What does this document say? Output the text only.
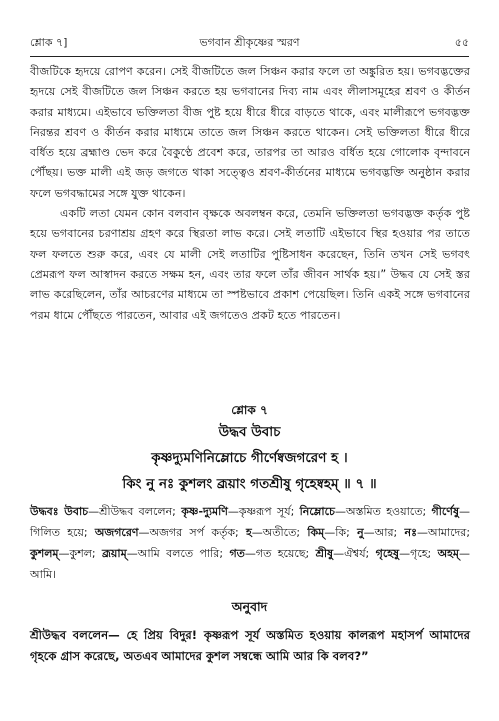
শ্লোক ৭]	ভগবান শ্রীকৃষ্ণের স্মরণ	৫৫

বীজটিকে হৃদয়ে রোপণ করেন। সেই বীজটিতে জল সিঞ্চন করার ফলে তা অঙ্কুরিত হয়। ভগবদ্ভক্তের হৃদয়ে সেই বীজটিতে জল সিঞ্চন করতে হয় ভগবানের দিব্য নাম এবং লীলাসমূহের শ্রবণ ও কীর্তন করার মাধ্যমে। এইভাবে ভক্তিলতা বীজ পুষ্ট হয়ে ধীরে ধীরে বাড়তে থাকে, এবং মালীরূপে ভগবদ্ভক্ত নিরন্তর শ্রবণ ও কীর্তন করার মাধ্যমে তাতে জল সিঞ্চন করতে থাকেন। সেই ভক্তিলতা ধীরে ধীরে বর্ধিত হয়ে ব্রহ্মাণ্ড ভেদ করে বৈকুণ্ঠে প্রবেশ করে, তারপর তা আরও বর্ধিত হয়ে গোলোক বৃন্দাবনে পৌঁছয়। ভক্ত মালী এই জড় জগতে থাকা সত্ত্বেও শ্রবণ-কীর্তনের মাধ্যমে ভগবদ্ভক্তি অনুষ্ঠান করার ফলে ভগবদ্ধামের সঙ্গে যুক্ত থাকেন।

একটি লতা যেমন কোন বলবান বৃক্ষকে অবলম্বন করে, তেমনি ভক্তিলতা ভগবদ্ভক্ত কর্তৃক পুষ্ট হয়ে ভগবানের চরণাশ্রয় গ্রহণ করে স্থিরতা লাভ করে। সেই লতাটি এইভাবে স্থির হওয়ার পর তাতে ফল ফলতে শুরু করে, এবং যে মালী সেই লতাটির পুষ্টিসাধন করেছেন, তিনি তখন সেই ভগবৎ প্রেমরূপ ফল আস্বাদন করতে সক্ষম হন, এবং তার ফলে তাঁর জীবন সার্থক হয়।” উদ্ধব যে সেই স্তর লাভ করেছিলেন, তাঁর আচরণের মাধ্যমে তা স্পষ্টভাবে প্রকাশ পেয়েছিল। তিনি একই সঙ্গে ভগবানের পরম ধামে পৌঁছতে পারতেন, আবার এই জগতেও প্রকট হতে পারতেন।

শ্লোক ৭
উদ্ধব উবাচ
কৃষ্ণদ্যুমণিনিম্লোচে গীর্ণেষ্বজগরেণ হ ।
কিং নু নঃ কুশলং ব্রূয়াং গতশ্রীষু গৃহেষ্বহম্ ॥ ৭ ॥
উদ্ধবঃ উবাচ—শ্রীউদ্ধব বললেন; কৃষ্ণ-দ্যুমণি—কৃষ্ণরূপ সূর্য; নিম্লোচে—অস্তমিত হওয়াতে; গীর্ণেষু—গিলিত হয়ে; অজগরেণ—অজগর সর্প কর্তৃক; হ—অতীতে; কিম্—কি; নু—আর; নঃ—আমাদের; কুশলম্—কুশল; ব্রূয়াম্—আমি বলতে পারি; গত—গত হয়েছে; শ্রীষু—ঐশ্বর্য; গৃহেষু—গৃহে; অহম্—আমি।
অনুবাদ
শ্রীউদ্ধব বললেন— হে প্রিয় বিদুর! কৃষ্ণরূপ সূর্য অস্তমিত হওয়ায় কালরূপ মহাসর্প আমাদের গৃহকে গ্রাস করেছে, অতএব আমাদের কুশল সম্বন্ধে আমি আর কি বলব?”
